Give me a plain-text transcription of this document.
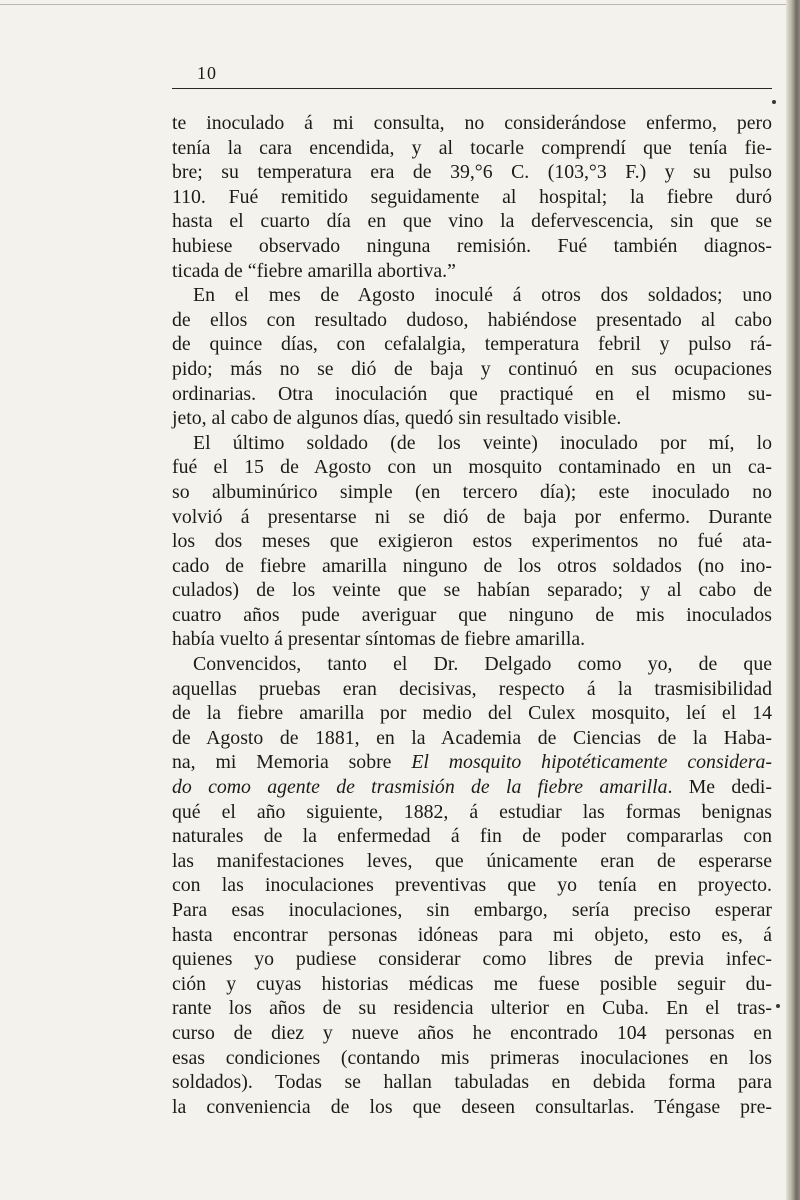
10
te inoculado á mi consulta, no considerándose enfermo, pero
tenía la cara encendida, y al tocarle comprendí que tenía fie-
bre; su temperatura era de 39,°6 C. (103,°3 F.) y su pulso
110. Fué remitido seguidamente al hospital; la fiebre duró
hasta el cuarto día en que vino la defervescencia, sin que se
hubiese observado ninguna remisión. Fué también diagnos-
ticada de “fiebre amarilla abortiva.”
En el mes de Agosto inoculé á otros dos soldados; uno
de ellos con resultado dudoso, habiéndose presentado al cabo
de quince días, con cefalalgia, temperatura febril y pulso rá-
pido; más no se dió de baja y continuó en sus ocupaciones
ordinarias. Otra inoculación que practiqué en el mismo su-
jeto, al cabo de algunos días, quedó sin resultado visible.
El último soldado (de los veinte) inoculado por mí, lo
fué el 15 de Agosto con un mosquito contaminado en un ca-
so albuminúrico simple (en tercero día); este inoculado no
volvió á presentarse ni se dió de baja por enfermo. Durante
los dos meses que exigieron estos experimentos no fué ata-
cado de fiebre amarilla ninguno de los otros soldados (no ino-
culados) de los veinte que se habían separado; y al cabo de
cuatro años pude averiguar que ninguno de mis inoculados
había vuelto á presentar síntomas de fiebre amarilla.
Convencidos, tanto el Dr. Delgado como yo, de que
aquellas pruebas eran decisivas, respecto á la trasmisibilidad
de la fiebre amarilla por medio del Culex mosquito, leí el 14
de Agosto de 1881, en la Academia de Ciencias de la Haba-
na, mi Memoria sobre El mosquito hipotéticamente considera-
do como agente de trasmisión de la fiebre amarilla. Me dedi-
qué el año siguiente, 1882, á estudiar las formas benignas
naturales de la enfermedad á fin de poder compararlas con
las manifestaciones leves, que únicamente eran de esperarse
con las inoculaciones preventivas que yo tenía en proyecto.
Para esas inoculaciones, sin embargo, sería preciso esperar
hasta encontrar personas idóneas para mi objeto, esto es, á
quienes yo pudiese considerar como libres de previa infec-
ción y cuyas historias médicas me fuese posible seguir du-
rante los años de su residencia ulterior en Cuba. En el tras-
curso de diez y nueve años he encontrado 104 personas en
esas condiciones (contando mis primeras inoculaciones en los
soldados). Todas se hallan tabuladas en debida forma para
la conveniencia de los que deseen consultarlas. Téngase pre-
